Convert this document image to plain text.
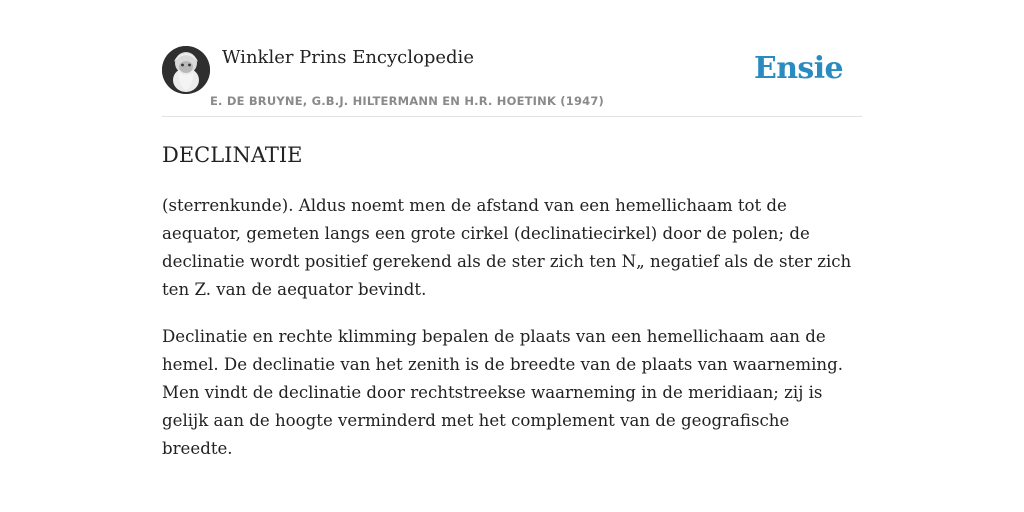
Winkler Prins Encyclopedie
E. DE BRUYNE, G.B.J. HILTERMANN EN H.R. HOETINK (1947)
Ensie
DECLINATIE

(sterrenkunde). Aldus noemt men de afstand van een hemellichaam tot de aequator, gemeten langs een grote cirkel (declinatiecirkel) door de polen; de declinatie wordt positief gerekend als de ster zich ten N„ negatief als de ster zich ten Z. van de aequator bevindt.

Declinatie en rechte klimming bepalen de plaats van een hemellichaam aan de hemel. De declinatie van het zenith is de breedte van de plaats van waarneming. Men vindt de declinatie door rechtstreekse waarneming in de meridiaan; zij is gelijk aan de hoogte verminderd met het complement van de geografische breedte.
